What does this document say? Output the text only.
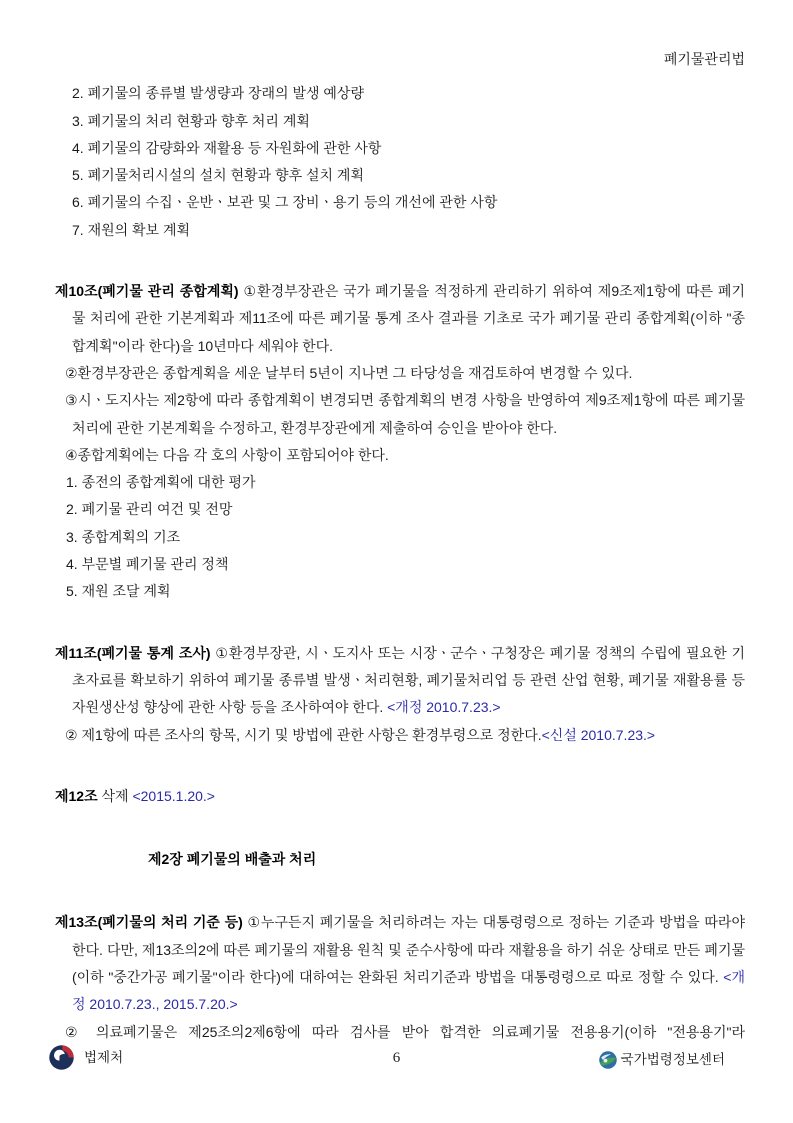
폐기물관리법
2. 폐기물의 종류별 발생량과 장래의 발생 예상량
3. 폐기물의 처리 현황과 향후 처리 계획
4. 폐기물의 감량화와 재활용 등 자원화에 관한 사항
5. 폐기물처리시설의 설치 현황과 향후 설치 계획
6. 폐기물의 수집ㆍ운반ㆍ보관 및 그 장비ㆍ용기 등의 개선에 관한 사항
7. 재원의 확보 계획

제10조(폐기물 관리 종합계획) ①환경부장관은 국가 폐기물을 적정하게 관리하기 위하여 제9조제1항에 따른 폐기물 처리에 관한 기본계획과 제11조에 따른 폐기물 통계 조사 결과를 기초로 국가 폐기물 관리 종합계획(이하 "종합계획"이라 한다)을 10년마다 세워야 한다.

②환경부장관은 종합계획을 세운 날부터 5년이 지나면 그 타당성을 재검토하여 변경할 수 있다.

③시ㆍ도지사는 제2항에 따라 종합계획이 변경되면 종합계획의 변경 사항을 반영하여 제9조제1항에 따른 폐기물 처리에 관한 기본계획을 수정하고, 환경부장관에게 제출하여 승인을 받아야 한다.

④종합계획에는 다음 각 호의 사항이 포함되어야 한다.

1. 종전의 종합계획에 대한 평가

2. 폐기물 관리 여건 및 전망

3. 종합계획의 기조

4. 부문별 폐기물 관리 정책

5. 재원 조달 계획

제11조(폐기물 통계 조사) ①환경부장관, 시ㆍ도지사 또는 시장ㆍ군수ㆍ구청장은 폐기물 정책의 수립에 필요한 기초자료를 확보하기 위하여 폐기물 종류별 발생ㆍ처리현황, 폐기물처리업 등 관련 산업 현황, 폐기물 재활용률 등 자원생산성 향상에 관한 사항 등을 조사하여야 한다. <개정 2010.7.23.>

② 제1항에 따른 조사의 항목, 시기 및 방법에 관한 사항은 환경부령으로 정한다.<신설 2010.7.23.>

제12조 삭제 <2015.1.20.>

제2장 폐기물의 배출과 처리

제13조(폐기물의 처리 기준 등) ①누구든지 폐기물을 처리하려는 자는 대통령령으로 정하는 기준과 방법을 따라야 한다. 다만, 제13조의2에 따른 폐기물의 재활용 원칙 및 준수사항에 따라 재활용을 하기 쉬운 상태로 만든 폐기물(이하 "중간가공 폐기물"이라 한다)에 대하여는 완화된 처리기준과 방법을 대통령령으로 따로 정할 수 있다. <개정 2010.7.23., 2015.7.20.>

② 의료폐기물은 제25조의2제6항에 따라 검사를 받아 합격한 의료폐기물 전용용기(이하 "전용용기"라

법제처	6	국가법령정보센터
